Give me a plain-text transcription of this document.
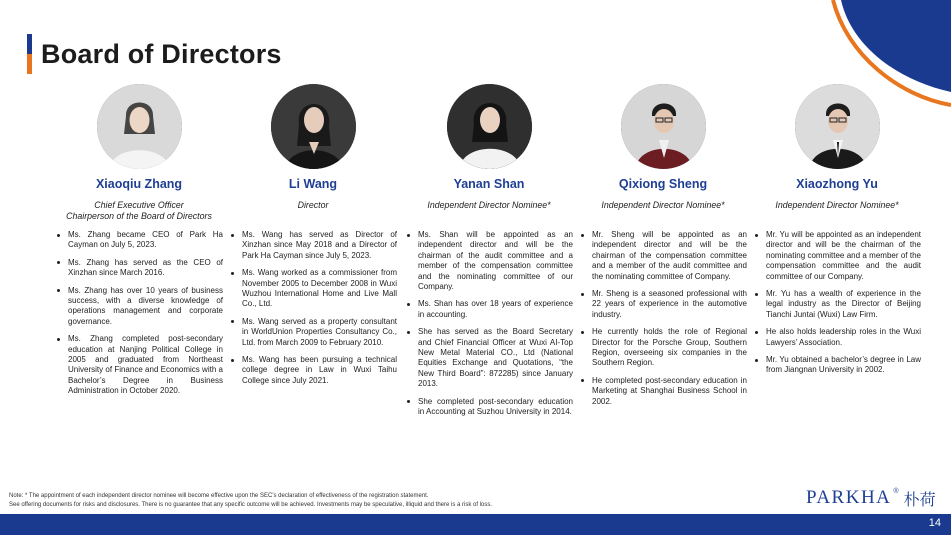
Board of Directors
Xiaoqiu Zhang
Chief Executive Officer
Chairperson of the Board of Directors
Ms. Zhang became CEO of Park Ha Cayman on July 5, 2023.
Ms. Zhang has served as the CEO of Xinzhan since March 2016.
Ms. Zhang has over 10 years of business success, with a diverse knowledge of operations management and corporate governance.
Ms. Zhang completed post-secondary education at Nanjing Political College in 2005 and graduated from Northeast University of Finance and Economics with a Bachelor’s Degree in Business Administration in October 2020.
Li Wang
Director
Ms. Wang has served as Director of Xinzhan since May 2018 and a Director of Park Ha Cayman since July 5, 2023.
Ms. Wang worked as a commissioner from November 2005 to December 2008 in Wuxi Wuzhou International Home and Live Mall Co., Ltd.
Ms. Wang served as a property consultant in WorldUnion Properties Consultancy Co., Ltd. from March 2009 to February 2010.
Ms. Wang has been pursuing a technical college degree in Law in Wuxi Taihu College since July 2021.
Yanan Shan
Independent Director Nominee*
Ms. Shan will be appointed as an independent director and will be the chairman of the audit committee and a member of the compensation committee and the nominating committee of our Company.
Ms. Shan has over 18 years of experience in accounting.
She has served as the Board Secretary and Chief Financial Officer at Wuxi AI-Top New Metal Material CO., Ltd (National Equities Exchange and Quotations, “the New Third Board”: 872285) since January 2013.
She completed post-secondary education in Accounting at Suzhou University in 2014.
Qixiong Sheng
Independent Director Nominee*
Mr. Sheng will be appointed as an independent director and will be the chairman of the compensation committee and a member of the audit committee and the nominating committee of Company.
Mr. Sheng is a seasoned professional with 22 years of experience in the automotive industry.
He currently holds the role of Regional Director for the Porsche Group, Southern Region, overseeing six companies in the Southern Region.
He completed post-secondary education in Marketing at Shanghai Business School in 2002.
Xiaozhong Yu
Independent Director Nominee*
Mr. Yu will be appointed as an independent director and will be the chairman of the nominating committee and a member of the compensation committee and the audit committee of our Company.
Mr. Yu has a wealth of experience in the legal industry as the Director of Beijing Tianchi Juntai (Wuxi) Law Firm.
He also holds leadership roles in the Wuxi Lawyers’ Association.
Mr. Yu obtained a bachelor’s degree in Law from Jiangnan University in 2002.
Note: * The appointment of each independent director nominee will become effective upon the SEC’s declaration of effectiveness of the registration statement.
See offering documents for risks and disclosures. There is no guarantee that any specific outcome will be achieved. Investments may be speculative, illiquid and there is a risk of loss.	PARKHA ® 朴荷
14
